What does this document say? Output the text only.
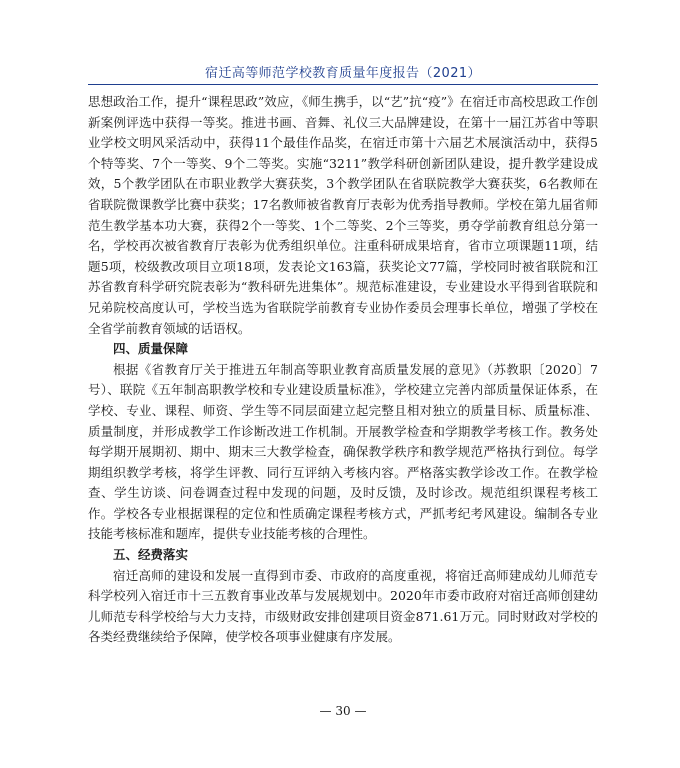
宿迁高等师范学校教育质量年度报告（2021）

思想政治工作，提升“课程思政”效应，《师生携手，以“艺”抗“疫”》在宿迁市高校思政工作创新案例评选中获得一等奖。推进书画、音舞、礼仪三大品牌建设，在第十一届江苏省中等职业学校文明风采活动中，获得11个最佳作品奖，在宿迁市第十六届艺术展演活动中，获得5个特等奖、7个一等奖、9个二等奖。实施“3211”教学科研创新团队建设，提升教学建设成效，5个教学团队在市职业教学大赛获奖，3个教学团队在省联院教学大赛获奖，6名教师在省联院微课教学比赛中获奖；17名教师被省教育厅表彰为优秀指导教师。学校在第九届省师范生教学基本功大赛，获得2个一等奖、1个二等奖、2个三等奖，勇夺学前教育组总分第一名，学校再次被省教育厅表彰为优秀组织单位。注重科研成果培育，省市立项课题11项，结题5项，校级教改项目立项18项，发表论文163篇，获奖论文77篇，学校同时被省联院和江苏省教育科学研究院表彰为“教科研先进集体”。规范标准建设，专业建设水平得到省联院和兄弟院校高度认可，学校当选为省联院学前教育专业协作委员会理事长单位，增强了学校在全省学前教育领域的话语权。

四、质量保障

根据《省教育厅关于推进五年制高等职业教育高质量发展的意见》（苏教职〔2020〕7号）、联院《五年制高职教学校和专业建设质量标准》，学校建立完善内部质量保证体系，在学校、专业、课程、师资、学生等不同层面建立起完整且相对独立的质量目标、质量标准、质量制度，并形成教学工作诊断改进工作机制。开展教学检查和学期教学考核工作。教务处每学期开展期初、期中、期末三大教学检查，确保教学秩序和教学规范严格执行到位。每学期组织教学考核，将学生评教、同行互评纳入考核内容。严格落实教学诊改工作。在教学检查、学生访谈、问卷调查过程中发现的问题，及时反馈，及时诊改。规范组织课程考核工作。学校各专业根据课程的定位和性质确定课程考核方式，严抓考纪考风建设。编制各专业技能考核标准和题库，提供专业技能考核的合理性。

五、经费落实

宿迁高师的建设和发展一直得到市委、市政府的高度重视，将宿迁高师建成幼儿师范专科学校列入宿迁市十三五教育事业改革与发展规划中。2020年市委市政府对宿迁高师创建幼儿师范专科学校给与大力支持，市级财政安排创建项目资金871.61万元。同时财政对学校的各类经费继续给予保障，使学校各项事业健康有序发展。

— 30 —
